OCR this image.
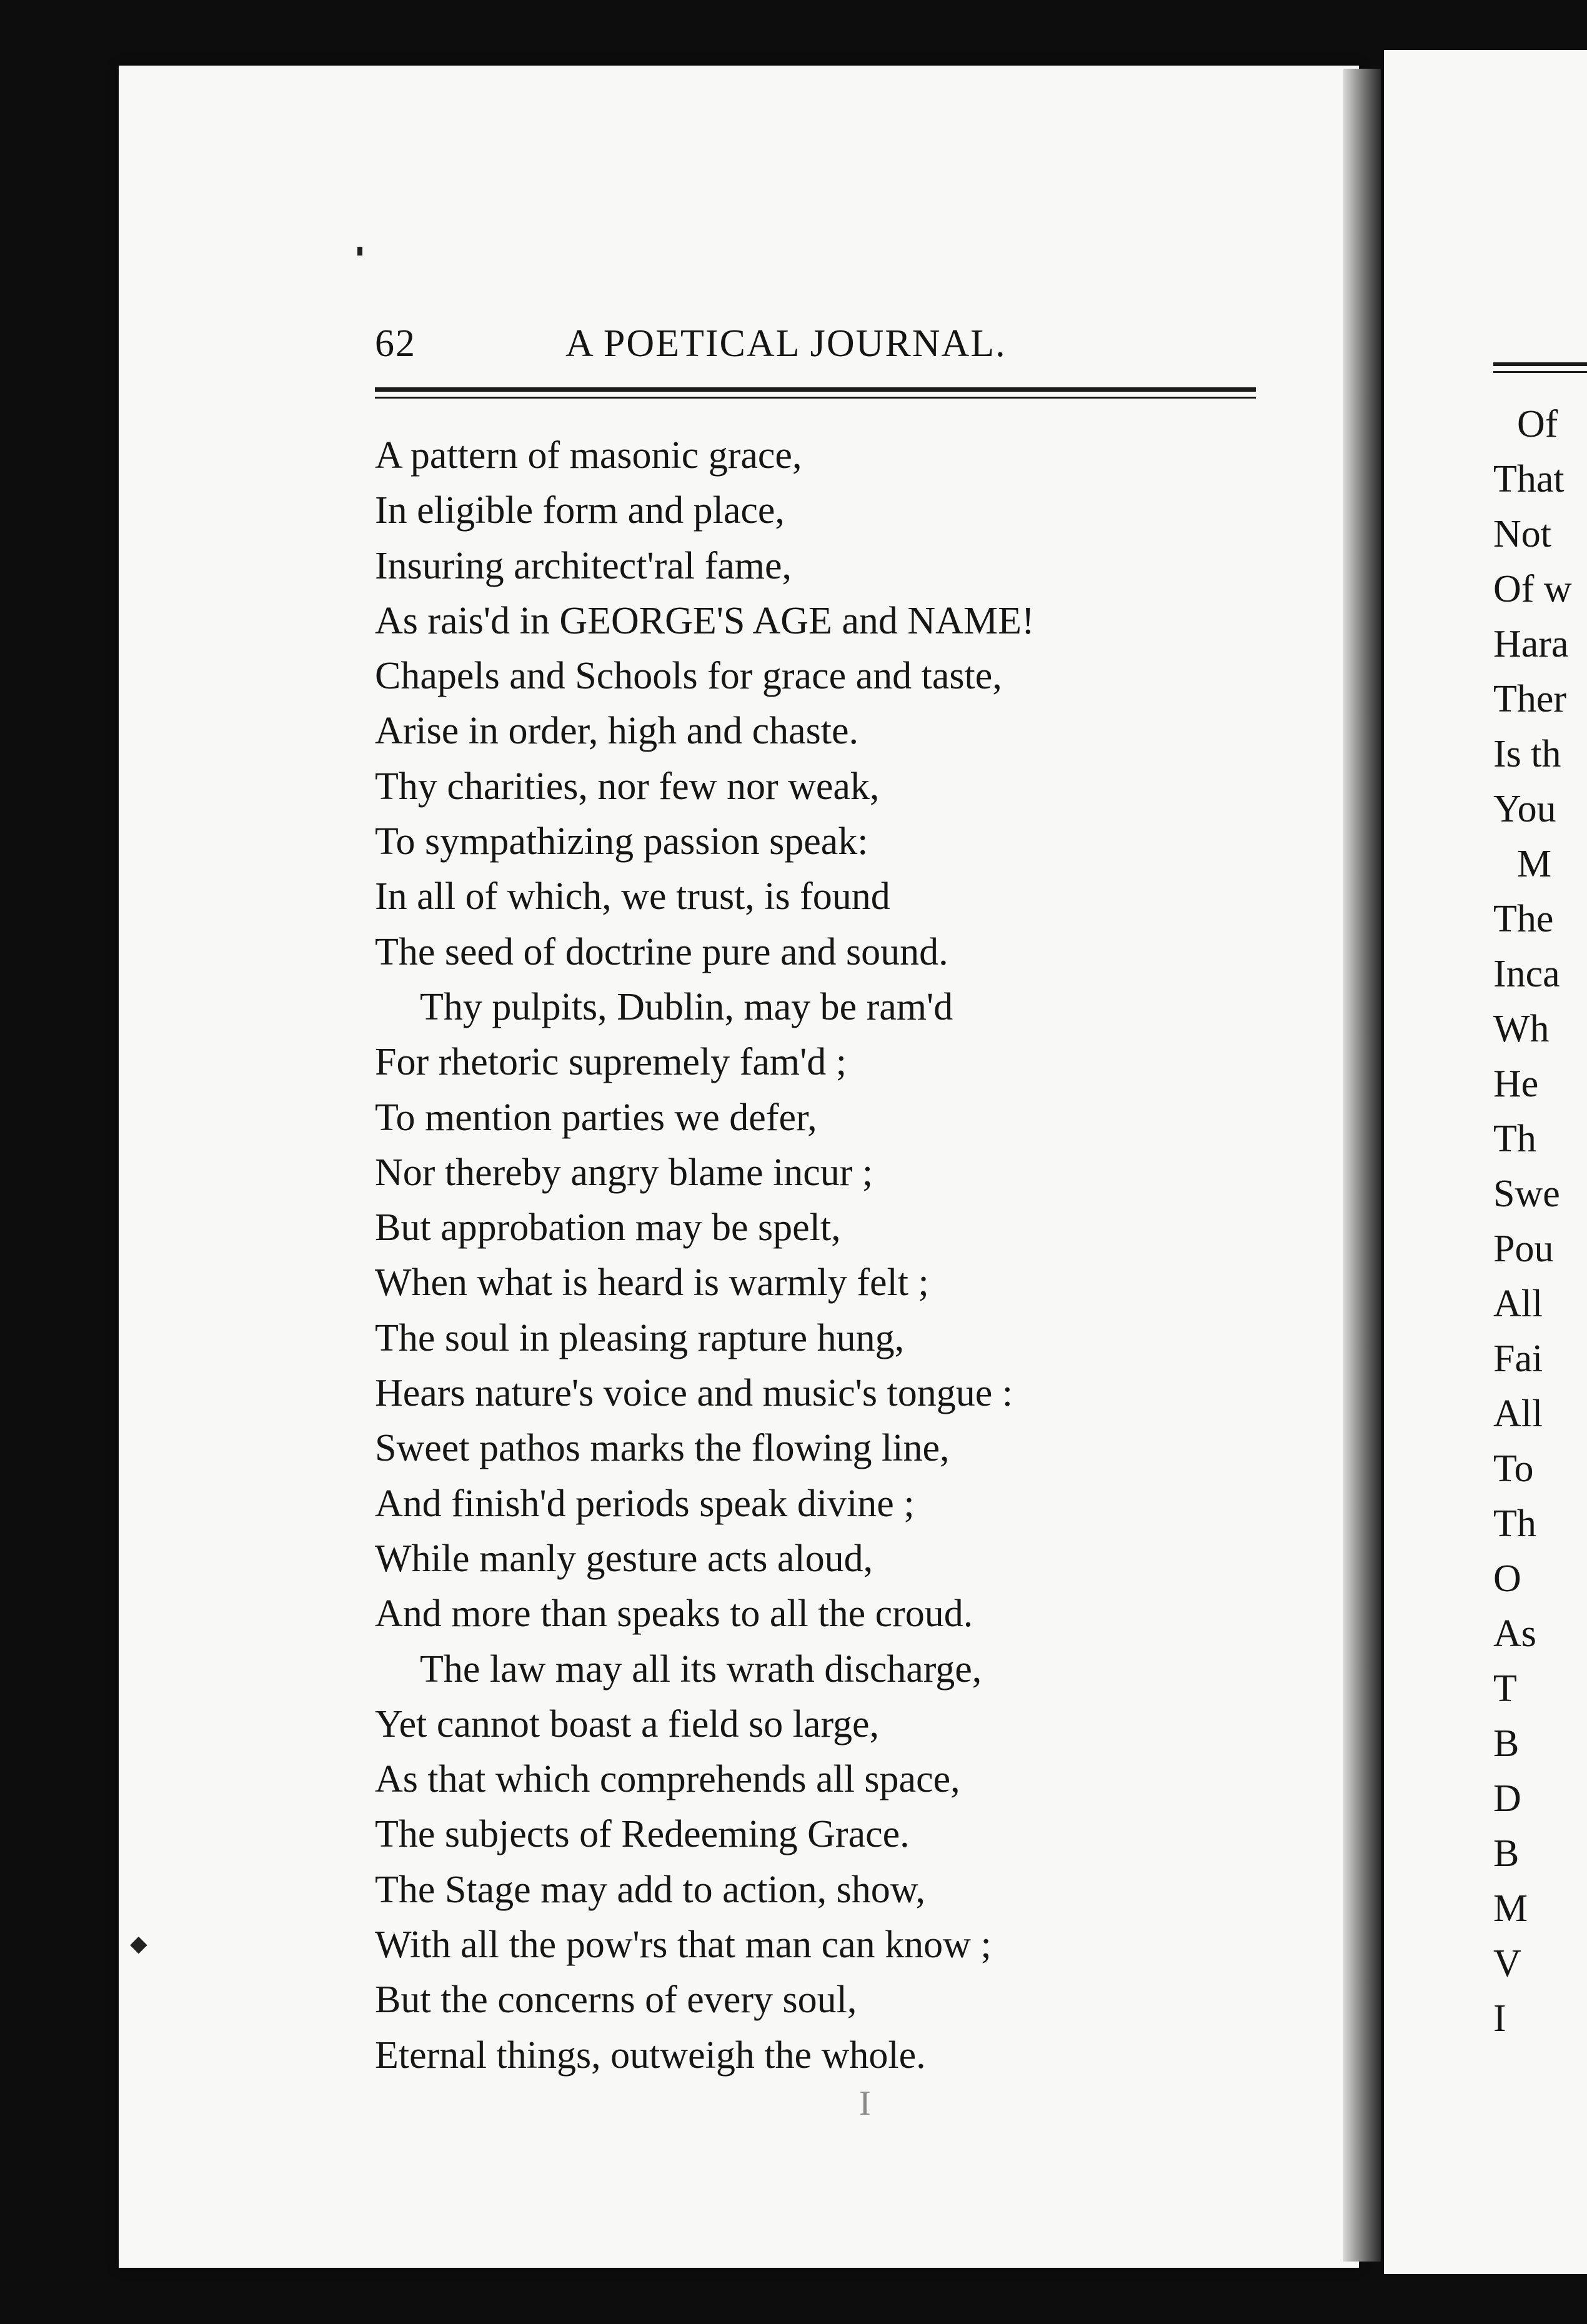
◆
62	A POETICAL JOURNAL.
A pattern of masonic grace,
In eligible form and place,
Insuring architect'ral fame,
As rais'd in GEORGE'S AGE and NAME!
Chapels and Schools for grace and taste,
Arise in order, high and chaste.
Thy charities, nor few nor weak,
To sympathizing passion speak:
In all of which, we trust, is found
The seed of doctrine pure and sound.
Thy pulpits, Dublin, may be ram'd
For rhetoric supremely fam'd ;
To mention parties we defer,
Nor thereby angry blame incur ;
But approbation may be spelt,
When what is heard is warmly felt ;
The soul in pleasing rapture hung,
Hears nature's voice and music's tongue :
Sweet pathos marks the flowing line,
And finish'd periods speak divine ;
While manly gesture acts aloud,
And more than speaks to all the croud.
The law may all its wrath discharge,
Yet cannot boast a field so large,
As that which comprehends all space,
The subjects of Redeeming Grace.
The Stage may add to action, show,
With all the pow'rs that man can know ;
But the concerns of every soul,
Eternal things, outweigh the whole.
I
Of
That
Not
Of w
Hara
Ther
Is th
You
M
The
Inca
Wh
He
Th
Swe
Pou
All
Fai
All
To
Th
O
As
T
B
D
B
M
V
I
